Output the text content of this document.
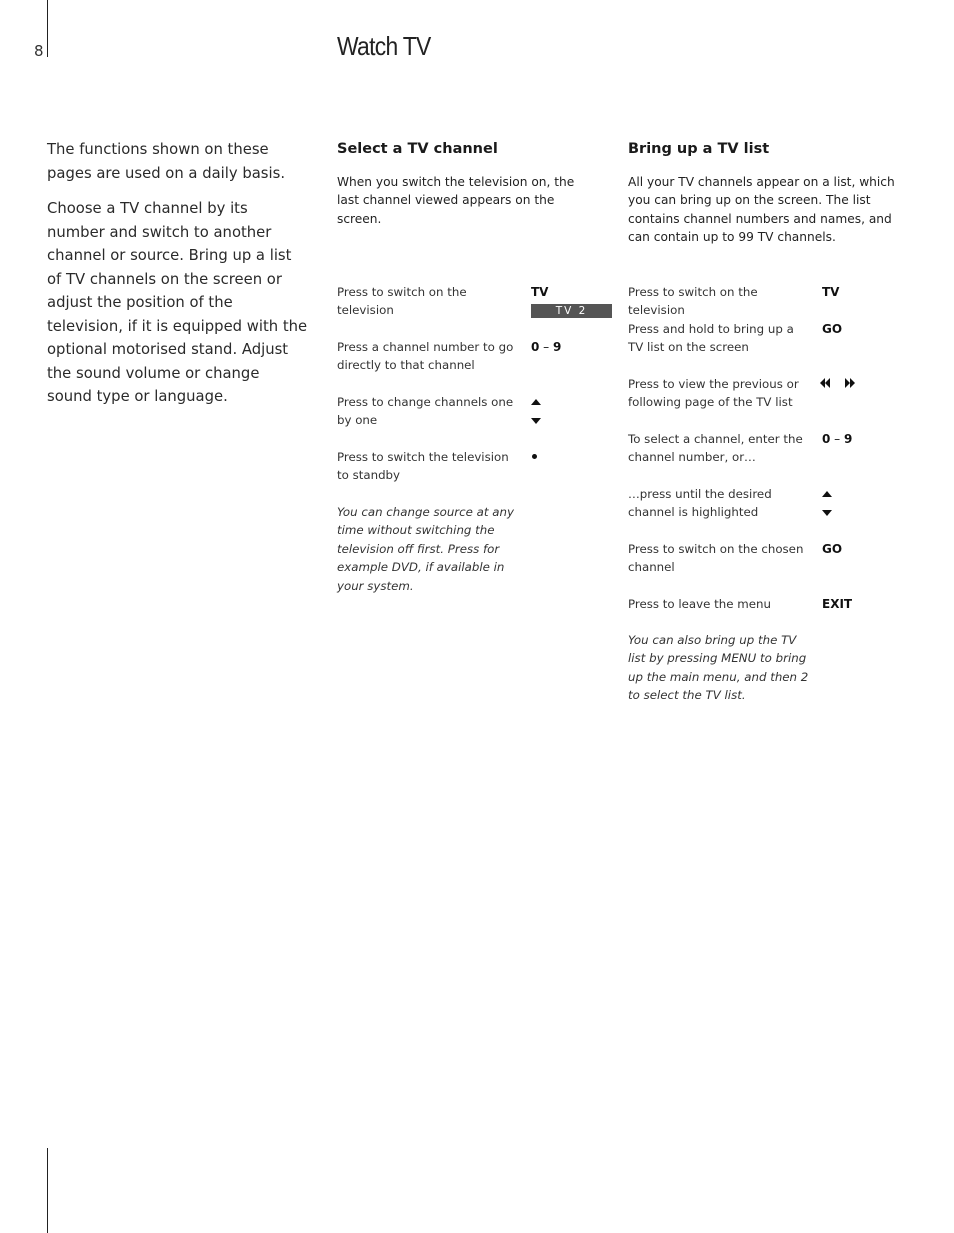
8	Watch TV

The functions shown on these pages are used on a daily basis.

Choose a TV channel by its number and switch to another channel or source. Bring up a list of TV channels on the screen or adjust the position of the television, if it is equipped with the optional motorised stand. Adjust the sound volume or change sound type or language.

Select a TV channel
When you switch the television on, the last channel viewed appears on the screen.
Press to switch on the television
TV
TV 2
Press a channel number to go directly to that channel
0 – 9
Press to change channels one by one
Press to switch the television to standby
You can change source at any time without switching the television off first. Press for example DVD, if available in your system.
Bring up a TV list
All your TV channels appear on a list, which you can bring up on the screen. The list contains channel numbers and names, and can contain up to 99 TV channels.
Press to switch on the television
TV
Press and hold to bring up a TV list on the screen
GO
Press to view the previous or following page of the TV list
To select a channel, enter the channel number, or…
0 – 9
…press until the desired channel is highlighted
Press to switch on the chosen channel
GO
Press to leave the menu	EXIT
You can also bring up the TV list by pressing MENU to bring up the main menu, and then 2 to select the TV list.
